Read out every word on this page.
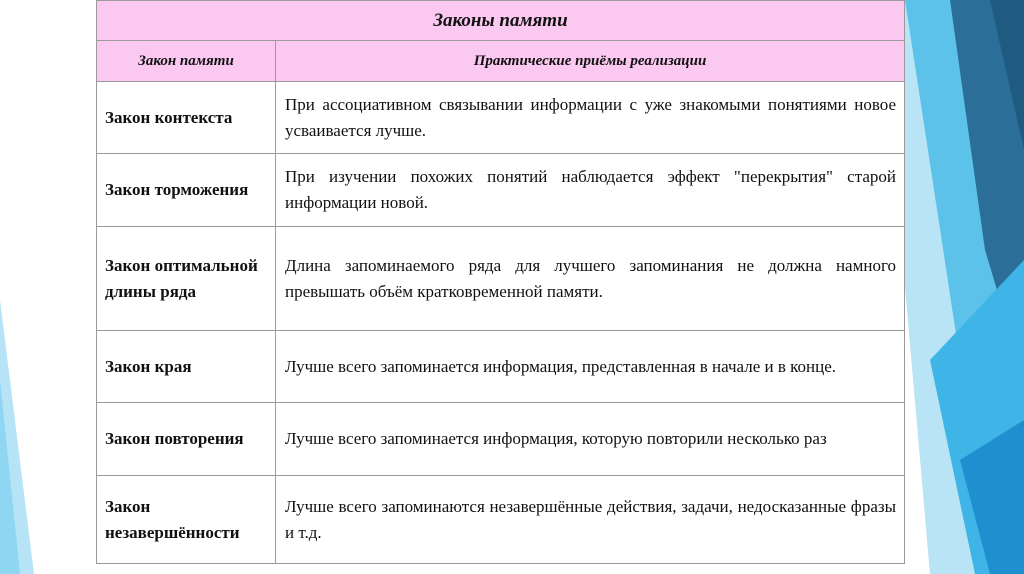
Законы памяти	
Закон памяти	Практические приёмы реализации
Закон контекста	При ассоциативном связывании информации с уже знакомыми понятиями новое усваивается лучше.
Закон торможения	При изучении похожих понятий наблюдается эффект "перекрытия" старой информации новой.
Закон оптимальной длины ряда	Длина запоминаемого ряда для лучшего запоминания не должна намного превышать объём кратковременной памяти.
Закон края	Лучше всего запоминается информация, представленная в начале и в конце.
Закон повторения	Лучше всего запоминается информация, которую повторили несколько раз
Закон незавершённости	Лучше всего запоминаются незавершённые действия, задачи, недосказанные фразы и т.д.
